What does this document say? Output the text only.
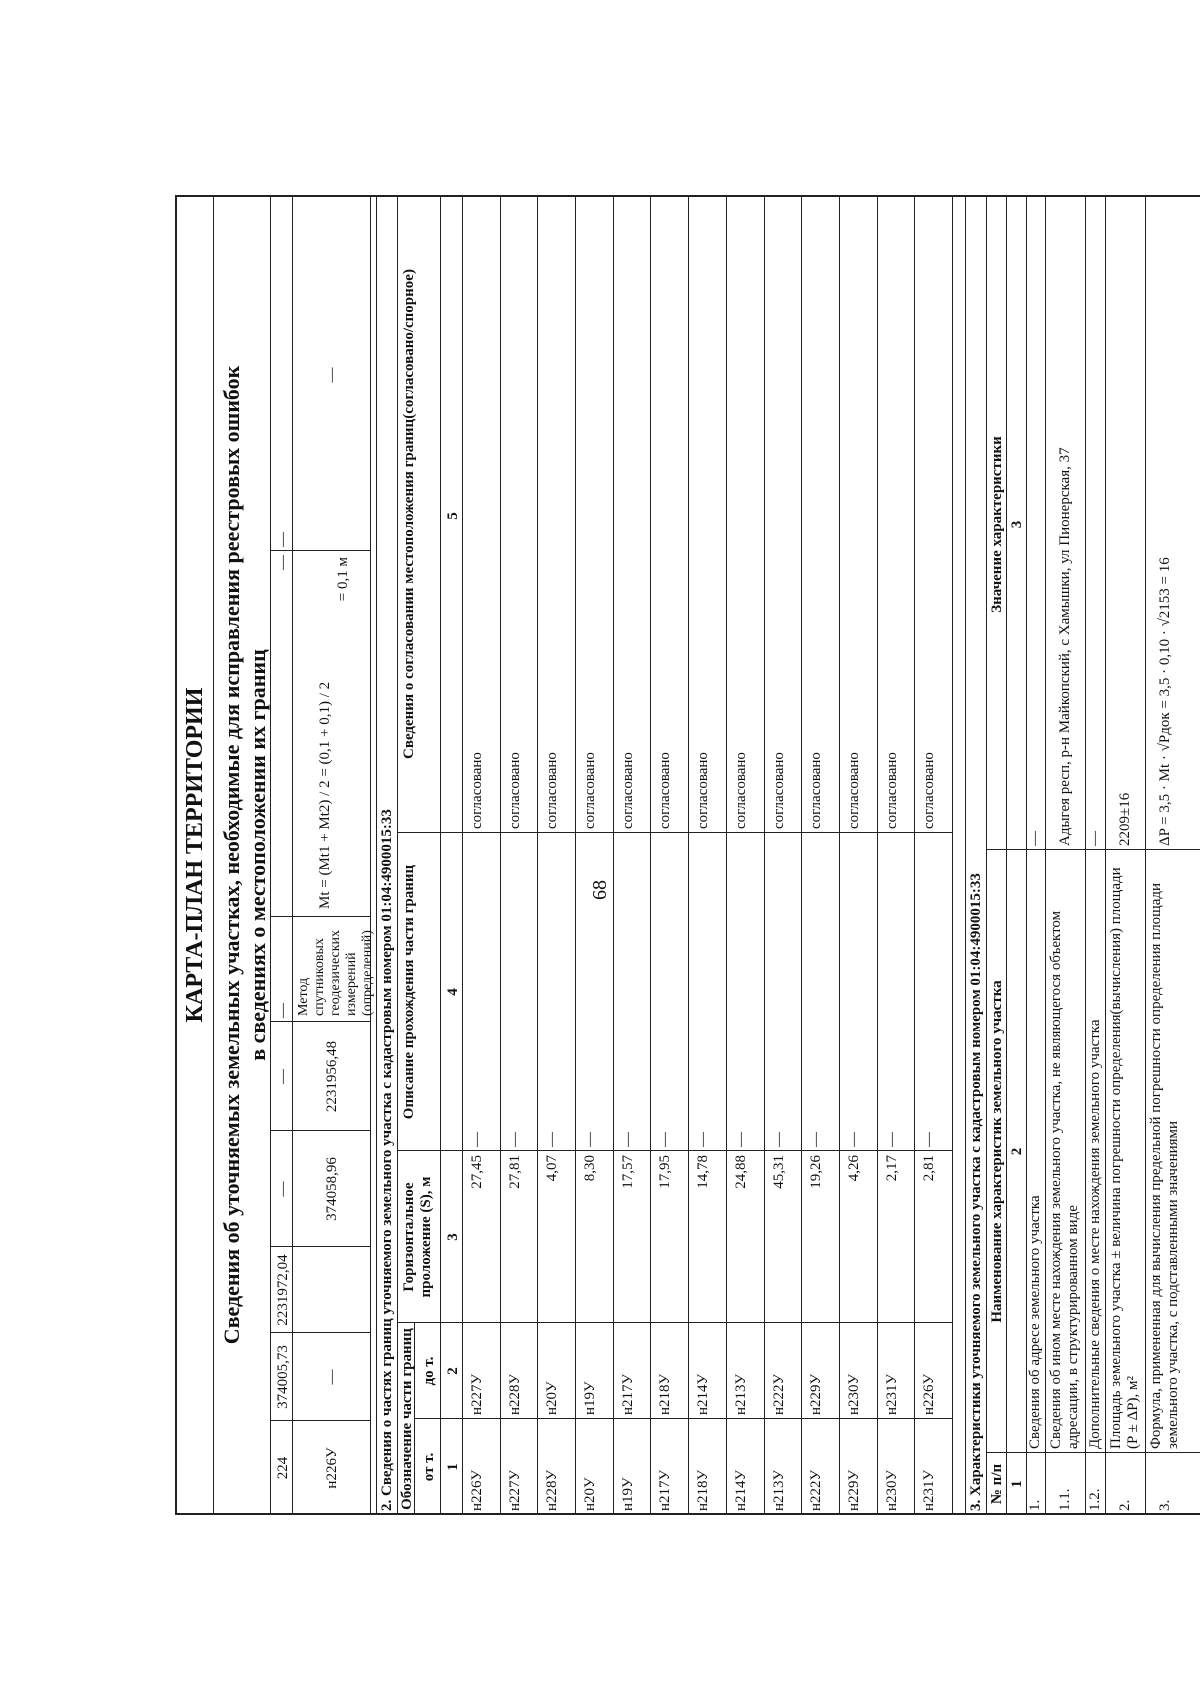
68
КАРТА-ПЛАН ТЕРРИТОРИИ Сведения об уточняемых земельных участках, необходимые для исправления реестровых ошибок в сведениях о местоположении их границ
224
374005,73
2231972,04
—
—
—
—
—
н226У
—
374058,96
2231956,48
Метод спутниковых геодезических измерений (определений)
Mt = (Mt1 + Mt2) / 2 = (0,1 + 0,1) / 2
= 0,1 м
—
2. Сведения о частях границ уточняемого земельного участка с кадастровым номером 01:04:4900015:33 Обозначение части границ от т.
до т.
Горизонтальное проложение (S), м
Описание прохождения части границ
Сведения о согласовании местоположения границ(согласовано/спорное)
1
2
3
4
5
н226У
н227У
27,45
—
согласовано
н227У
н228У
27,81
—
согласовано
н228У
н20У
4,07
—
согласовано
н20У
н19У
8,30
—
согласовано
н19У
н217У
17,57
—
согласовано
н217У
н218У
17,95
—
согласовано
н218У
н214У
14,78
—
согласовано
н214У
н213У
24,88
—
согласовано
н213У
н222У
45,31
—
согласовано
н222У
н229У
19,26
—
согласовано
н229У
н230У
4,26
—
согласовано
н230У
н231У
2,17
—
согласовано
н231У
н226У
2,81
—
согласовано
3. Характеристики уточняемого земельного участка с кадастровым номером 01:04:4900015:33 № п/п
Наименование характеристик земельного участка
Значение характеристики
1
2
3
1.
Сведения об адресе земельного участка
—
1.1.
Сведения об ином месте нахождения земельного участка, не являющегося объектом адресации, в структурированном виде
Адыгея респ, р-н Майкопский, с Хамышки, ул Пионерская, 37
1.2.
Дополнительные сведения о месте нахождения земельного участка
—
2.
Площадь земельного участка ± величина погрешности определения(вычисления) площади (P ± ΔP), м²
2209±16
3.
Формула, примененная для вычисления предельной погрешности определения площади земельного участка, с подставленными значениями
ΔP = 3,5 · Mt · √Pдок = 3,5 · 0,10 · √2153 = 16
